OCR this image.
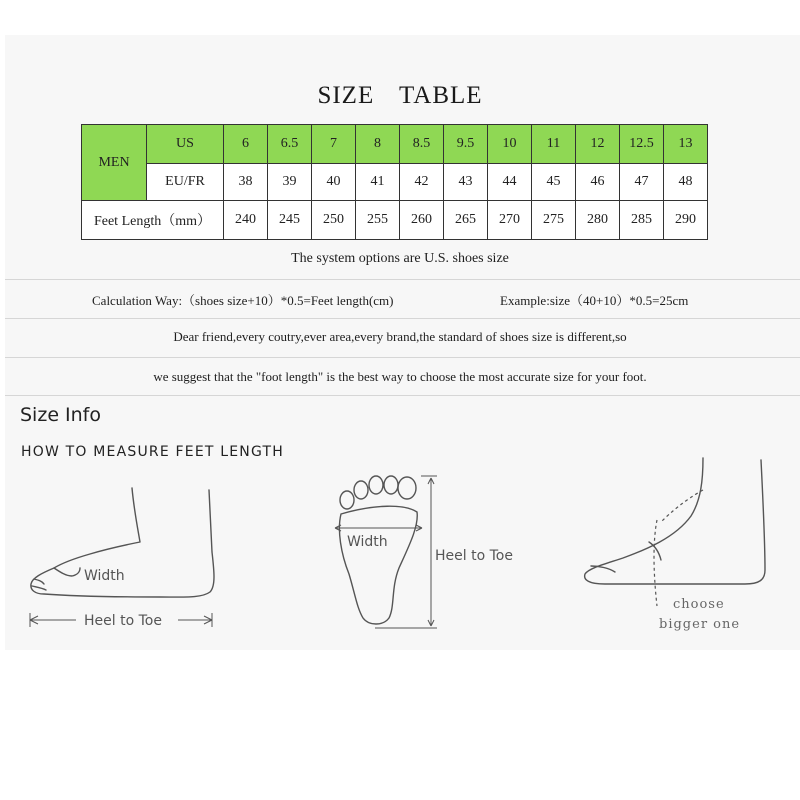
SIZE TABLE
MEN	US	6	6.5	7	8	8.5	9.5	10	11	12	12.5	13
	EU/FR	38	39	40	41	42	43	44	45	46	47	48
Feet Length（mm）		240	245	250	255	260	265	270	275	280	285	290
The system options are U.S. shoes size
Calculation Way:（shoes size+10）*0.5=Feet length(cm)	Example:size（40+10）*0.5=25cm
Dear friend,every coutry,ever area,every brand,the standard of shoes size is different,so
we suggest that the "foot length" is the best way to choose the most accurate size for your foot.
Size Info
HOW TO MEASURE FEET LENGTH
Width
Heel to Toe
Width
Heel to Toe
choose
bigger one
